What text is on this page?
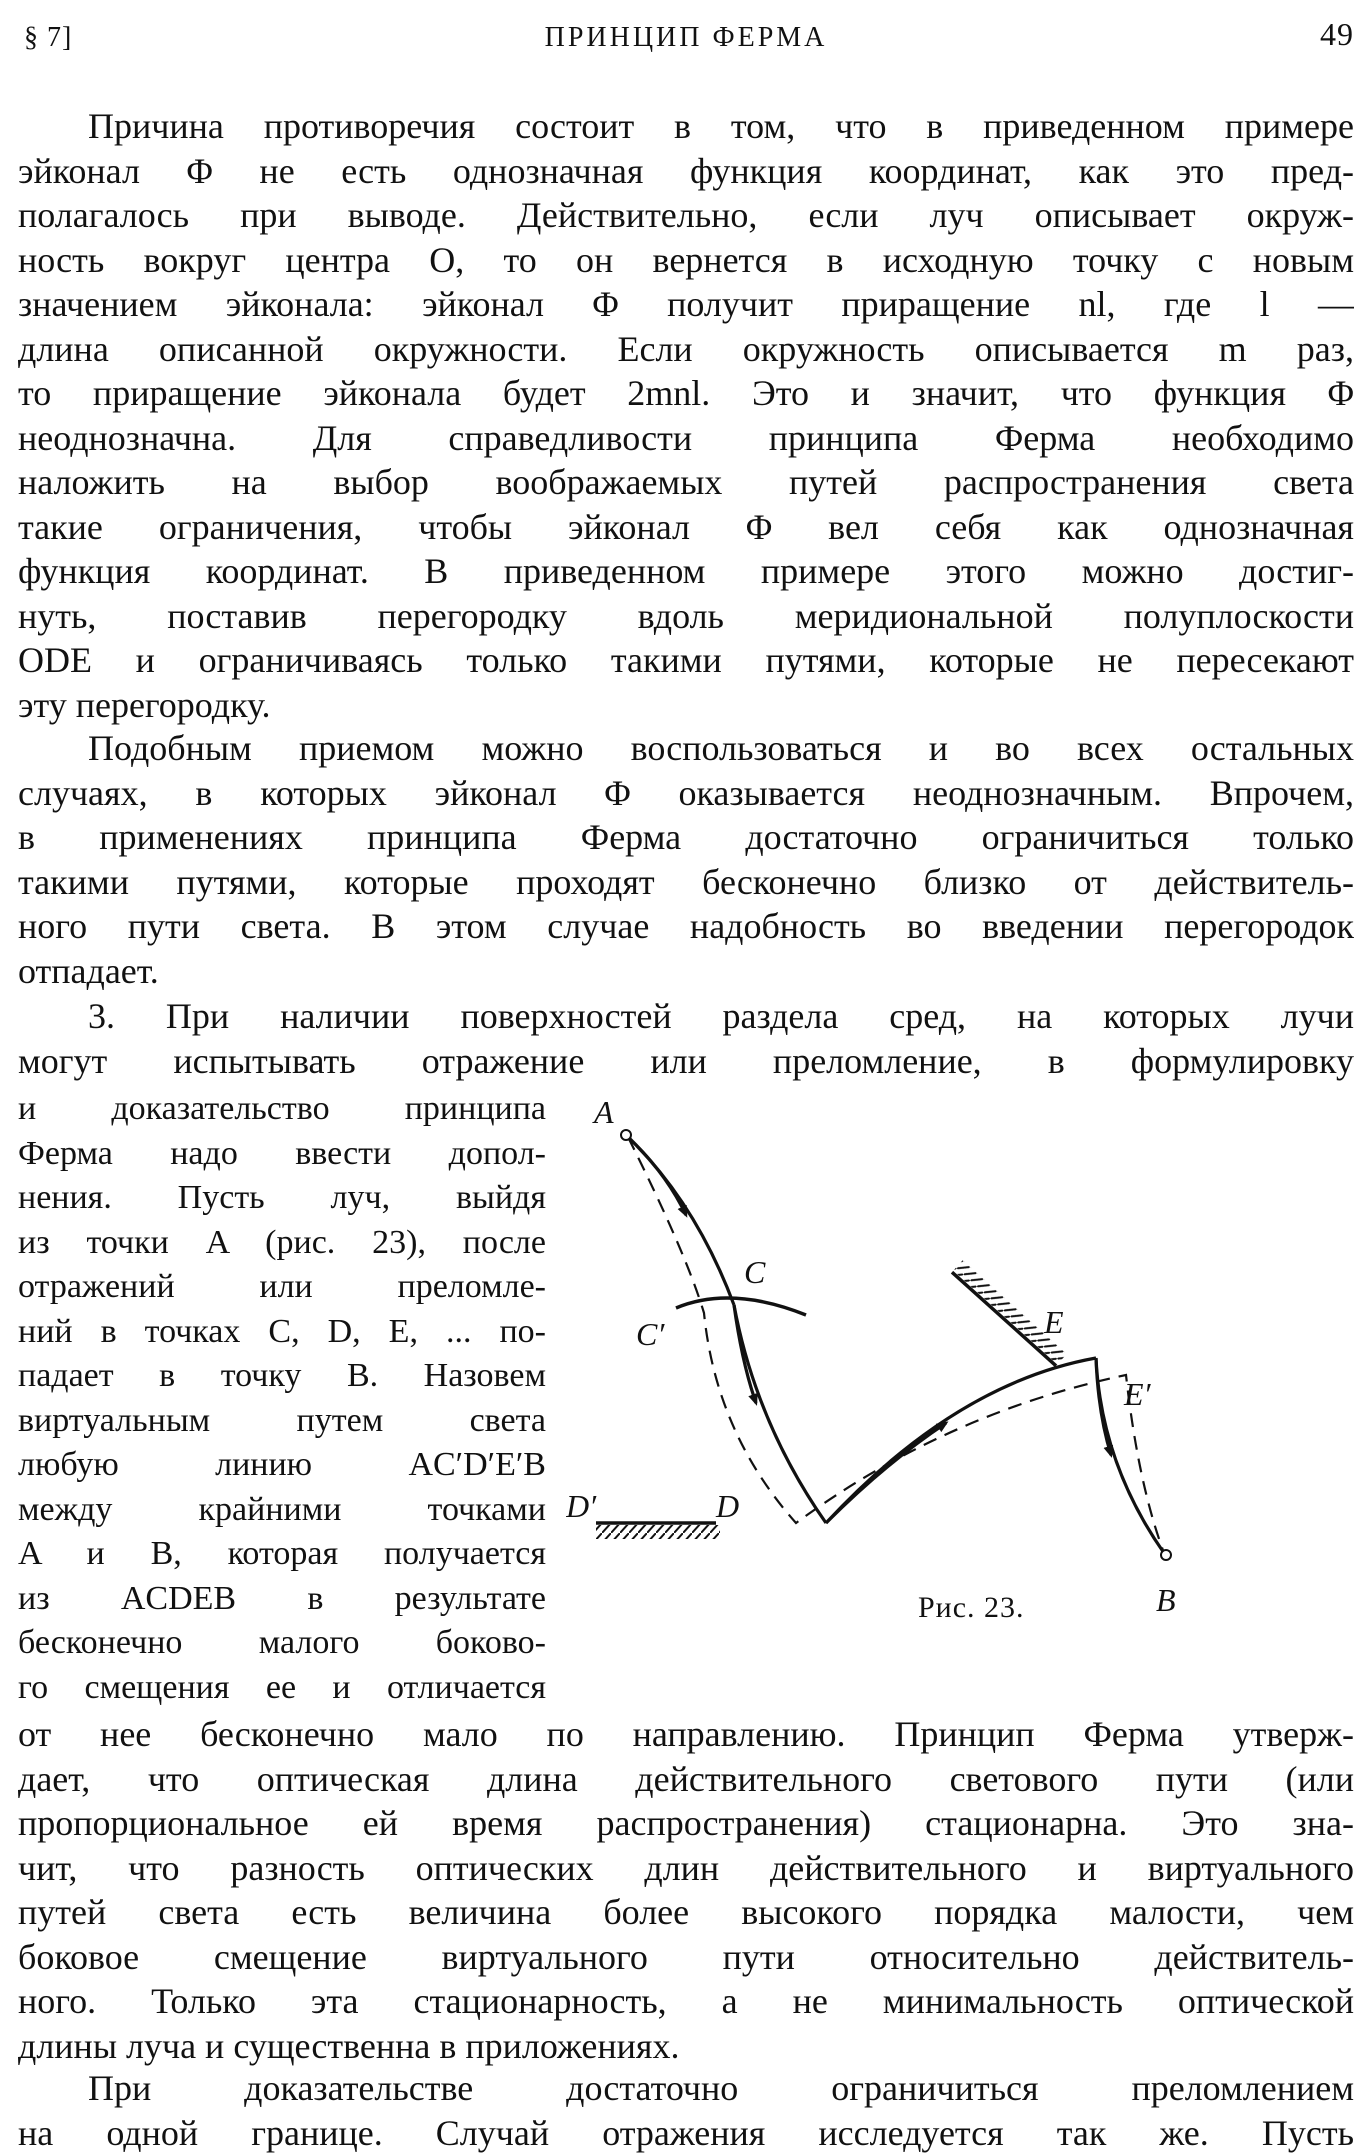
§ 7]	ПРИНЦИП ФЕРМА	49
Причина противоречия состоит в том, что в приведенном примере
эйконал Φ не есть однозначная функция координат, как это пред-
полагалось при выводе. Действительно, если луч описывает окруж-
ность вокруг центра O, то он вернется в исходную точку с новым
значением эйконала: эйконал Φ получит приращение nl, где l —
длина описанной окружности. Если окружность описывается m раз,
то приращение эйконала будет 2mnl. Это и значит, что функция Φ
неоднозначна. Для справедливости принципа Ферма необходимо
наложить на выбор воображаемых путей распространения света
такие ограничения, чтобы эйконал Φ вел себя как однозначная
функция координат. В приведенном примере этого можно достиг-
нуть, поставив перегородку вдоль меридиональной полуплоскости
ODE и ограничиваясь только такими путями, которые не пересекают
эту перегородку.
Подобным приемом можно воспользоваться и во всех остальных
случаях, в которых эйконал Φ оказывается неоднозначным. Впрочем,
в применениях принципа Ферма достаточно ограничиться только
такими путями, которые проходят бесконечно близко от действитель-
ного пути света. В этом случае надобность во введении перегородок
отпадает.
3. При наличии поверхностей раздела сред, на которых лучи
могут испытывать отражение или преломление, в формулировку
и доказательство принципа
Ферма надо ввести допол-
нения. Пусть луч, выйдя
из точки A (рис. 23), после
отражений или преломле-
ний в точках C, D, E, ... по-
падает в точку B. Назовем
виртуальным путем света
любую линию AC′D′E′B
между крайними точками
A и B, которая получается
из ACDEB в результате
бесконечно малого боково-
го смещения ее и отличается
A
C
C′
D′	D
E
E′
B
Рис. 23.
от нее бесконечно мало по направлению. Принцип Ферма утверж-
дает, что оптическая длина действительного светового пути (или
пропорциональное ей время распространения) стационарна. Это зна-
чит, что разность оптических длин действительного и виртуального
путей света есть величина более высокого порядка малости, чем
боковое смещение виртуального пути относительно действитель-
ного. Только эта стационарность, а не минимальность оптической
длины луча и существенна в приложениях.
При доказательстве достаточно ограничиться преломлением
на одной границе. Случай отражения исследуется так же. Пусть
